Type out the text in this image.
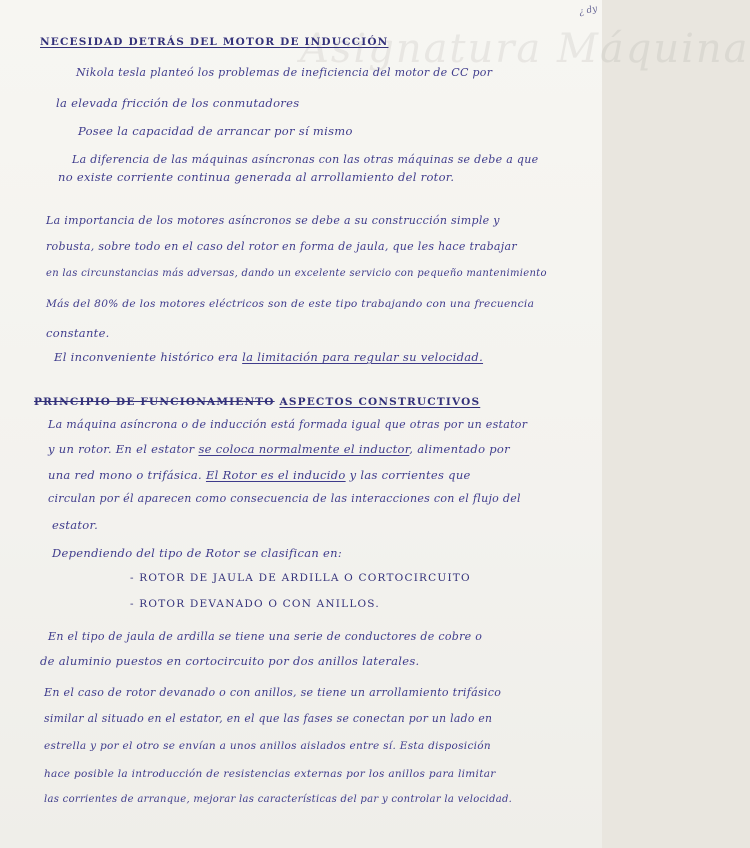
Asignatura Máquina
¿ dy
NECESIDAD DETRÁS DEL MOTOR DE INDUCCIÓN
Nikola tesla planteó los problemas de ineficiencia del motor de CC por
la elevada fricción de los conmutadores
Posee la capacidad de arrancar por sí mismo
La diferencia de las máquinas asíncronas con las otras máquinas se debe a que
no existe corriente continua generada al arrollamiento del rotor.
La importancia de los motores asíncronos se debe a su construcción simple y
robusta, sobre todo en el caso del rotor en forma de jaula, que les hace trabajar
en las circunstancias más adversas, dando un excelente servicio con pequeño mantenimiento
Más del 80% de los motores eléctricos son de este tipo trabajando con una frecuencia
constante.
El inconveniente histórico era la limitación para regular su velocidad.
PRINCIPIO DE FUNCIONAMIENTO ASPECTOS CONSTRUCTIVOS
La máquina asíncrona o de inducción está formada igual que otras por un estator
y un rotor. En el estator se coloca normalmente el inductor, alimentado por
una red mono o trifásica. El Rotor es el inducido y las corrientes que
circulan por él aparecen como consecuencia de las interacciones con el flujo del
estator.
Dependiendo del tipo de Rotor se clasifican en:
- ROTOR DE JAULA DE ARDILLA O CORTOCIRCUITO
- ROTOR DEVANADO O CON ANILLOS.
En el tipo de jaula de ardilla se tiene una serie de conductores de cobre o
de aluminio puestos en cortocircuito por dos anillos laterales.
En el caso de rotor devanado o con anillos, se tiene un arrollamiento trifásico
similar al situado en el estator, en el que las fases se conectan por un lado en
estrella y por el otro se envían a unos anillos aislados entre sí. Esta disposición
hace posible la introducción de resistencias externas por los anillos para limitar
las corrientes de arranque, mejorar las características del par y controlar la velocidad.
